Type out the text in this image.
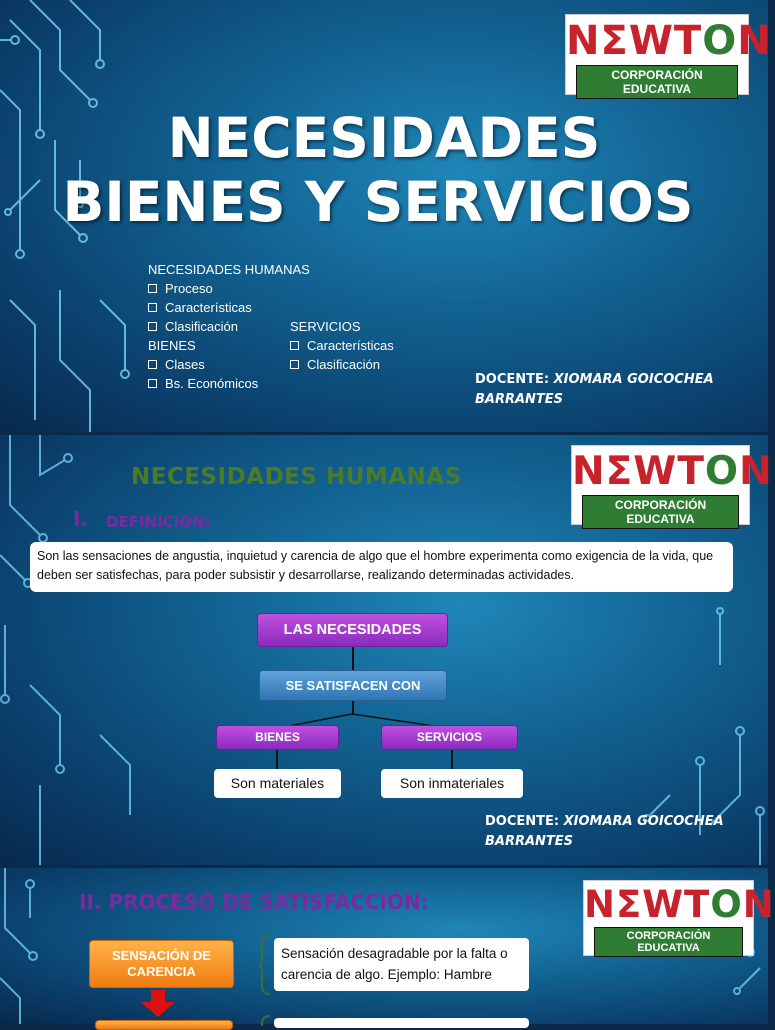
NƩWTON
CORPORACIÓN EDUCATIVA
NECESIDADES
BIENES Y SERVICIOS
NECESIDADES HUMANAS
Proceso
Características
Clasificación
BIENES
Clases
Bs. Económicos
SERVICIOS
Características
Clasificación
DOCENTE: XIOMARA GOICOCHEA
BARRANTES
NECESIDADES HUMANAS	NƩWTON
CORPORACIÓN EDUCATIVA
I. DEFINICIÓN:
Son las sensaciones de angustia, inquietud y carencia de algo que el hombre experimenta como exigencia de la vida, que deben ser satisfechas, para poder subsistir y desarrollarse, realizando determinadas actividades.
LAS NECESIDADES
SE SATISFACEN CON
BIENES	SERVICIOS
Son materiales	Son inmateriales
DOCENTE: XIOMARA GOICOCHEA
BARRANTES
II. PROCESO DE SATISFACCIÓN:	NƩWTON
CORPORACIÓN EDUCATIVA
SENSACIÓN DE CARENCIA
Sensación desagradable por la falta o carencia de algo. Ejemplo: Hambre
